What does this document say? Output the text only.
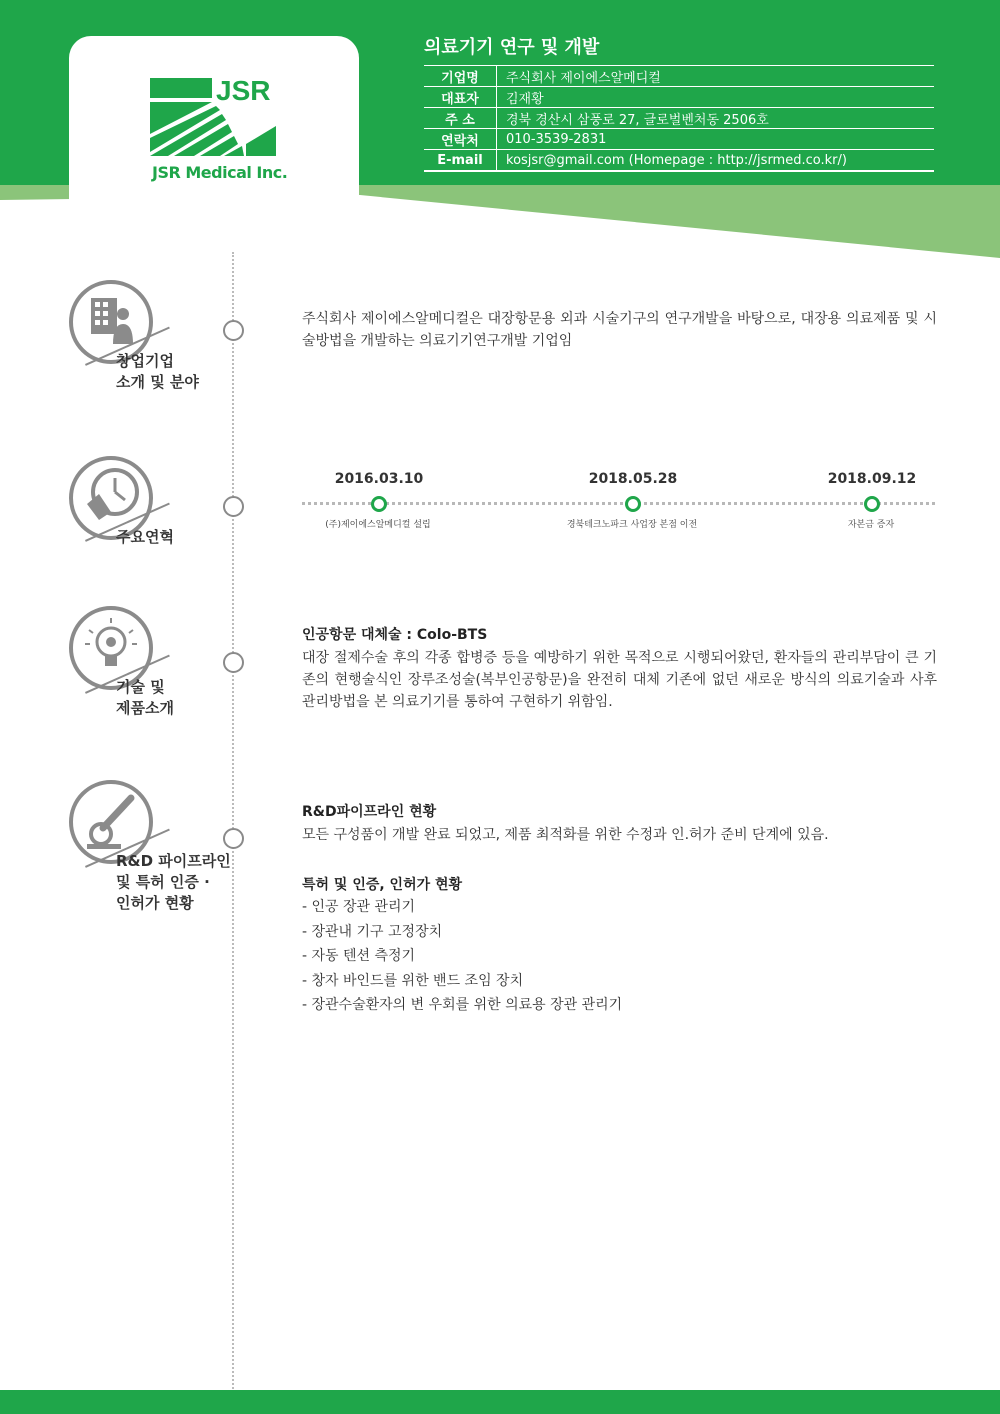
JSR
JSR Medical Inc.
의료기기 연구 및 개발
기업명	주식회사 제이에스알메디컬
대표자	김재황
주 소	경북 경산시 삼풍로 27, 글로벌벤처동 2506호
연락처	010-3539-2831
E-mail	kosjsr@gmail.com (Homepage : http://jsrmed.co.kr/)
창업기업
소개 및 분야
주요연혁
기술 및
제품소개
R&D 파이프라인
및 특허 인증 ·
인허가 현황
주식회사 제이에스알메디컬은 대장항문용 외과 시술기구의 연구개발을 바탕으로, 대장용 의료제품 및 시술방법을 개발하는 의료기기연구개발 기업임
2016.03.10
(주)제이에스알메디컬 설립
2018.05.28
경북테크노파크 사업장 본점 이전
2018.09.12
자본금 증자
인공항문 대체술 : Colo-BTS
대장 절제수술 후의 각종 합병증 등을 예방하기 위한 목적으로 시행되어왔던, 환자들의 관리부담이 큰 기존의 현행술식인 장루조성술(복부인공항문)을 완전히 대체 기존에 없던 새로운 방식의 의료기술과 사후 관리방법을 본 의료기기를 통하여 구현하기 위함임.
R&D파이프라인 현황
모든 구성품이 개발 완료 되었고, 제품 최적화를 위한 수정과 인.허가 준비 단계에 있음.
특허 및 인증, 인허가 현황
- 인공 장관 관리기
- 장관내 기구 고정장치
- 자동 텐션 측정기
- 창자 바인드를 위한 밴드 조임 장치
- 장관수술환자의 변 우회를 위한 의료용 장관 관리기
